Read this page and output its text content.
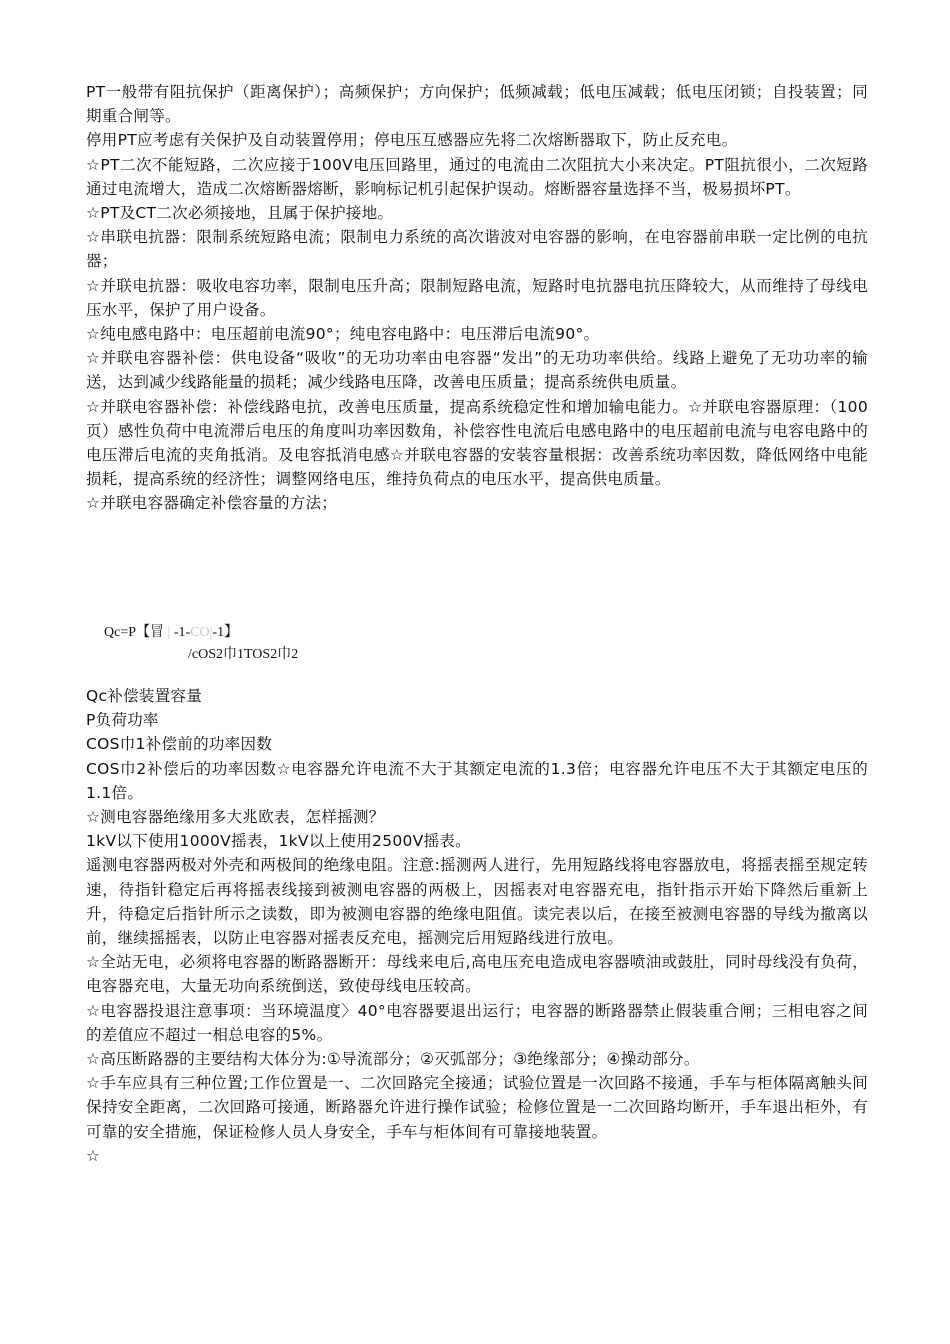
PT一般带有阻抗保护（距离保护）；高频保护；方向保护；低频减载；低电压减载；低电压闭锁；自投装置；同期重合闸等。

停用PT应考虑有关保护及自动装置停用；停电压互感器应先将二次熔断器取下，防止反充电。

☆PT二次不能短路，二次应接于100V电压回路里，通过的电流由二次阻抗大小来决定。PT阻抗很小，二次短路通过电流增大，造成二次熔断器熔断，影响标记机引起保护误动。熔断器容量选择不当，极易损坏PT。

☆PT及CT二次必须接地，且属于保护接地。

☆串联电抗器：限制系统短路电流；限制电力系统的高次谐波对电容器的影响，在电容器前串联一定比例的电抗器；

☆并联电抗器：吸收电容功率，限制电压升高；限制短路电流，短路时电抗器电抗压降较大，从而维持了母线电压水平，保护了用户设备。

☆纯电感电路中：电压超前电流90°；纯电容电路中：电压滞后电流90°。

☆并联电容器补偿：供电设备“吸收”的无功功率由电容器“发出”的无功功率供给。线路上避免了无功功率的输送，达到减少线路能量的损耗；减少线路电压降，改善电压质量；提高系统供电质量。

☆并联电容器补偿：补偿线路电抗，改善电压质量，提高系统稳定性和增加输电能力。☆并联电容器原理：（100页）感性负荷中电流滞后电压的角度叫功率因数角，补偿容性电流后电感电路中的电压超前电流与电容电路中的电压滞后电流的夹角抵消。及电容抵消电感☆并联电容器的安装容量根据：改善系统功率因数，降低网络中电能损耗，提高系统的经济性；调整网络电压，维持负荷点的电压水平，提高供电质量。

☆并联电容器确定补偿容量的方法；

Qc=P【冒 | -1-CO|-1】
/cOS2巾1TOS2巾2

Qc补偿装置容量

P负荷功率

COS巾1补偿前的功率因数

COS巾2补偿后的功率因数☆电容器允许电流不大于其额定电流的1.3倍；电容器允许电压不大于其额定电压的1.1倍。

☆测电容器绝缘用多大兆欧表，怎样摇测？

1kV以下使用1000V摇表，1kV以上使用2500V摇表。

遥测电容器两极对外壳和两极间的绝缘电阻。注意:摇测两人进行，先用短路线将电容器放电，将摇表摇至规定转速，待指针稳定后再将摇表线接到被测电容器的两极上，因摇表对电容器充电，指针指示开始下降然后重新上升，待稳定后指针所示之读数，即为被测电容器的绝缘电阻值。读完表以后，在接至被测电容器的导线为撤离以前，继续摇摇表，以防止电容器对摇表反充电，摇测完后用短路线进行放电。

☆全站无电，必须将电容器的断路器断开：母线来电后,高电压充电造成电容器喷油或鼓肚，同时母线没有负荷，电容器充电，大量无功向系统倒送，致使母线电压较高。

☆电容器投退注意事项：当环境温度〉40°电容器要退出运行；电容器的断路器禁止假装重合闸；三相电容之间的差值应不超过一相总电容的5%。

☆高压断路器的主要结构大体分为:①导流部分；②灭弧部分；③绝缘部分；④操动部分。

☆手车应具有三种位置;工作位置是一、二次回路完全接通；试验位置是一次回路不接通，手车与柜体隔离触头间保持安全距离，二次回路可接通，断路器允许进行操作试验；检修位置是一二次回路均断开，手车退出柜外，有可靠的安全措施，保证检修人员人身安全，手车与柜体间有可靠接地装置。

☆
